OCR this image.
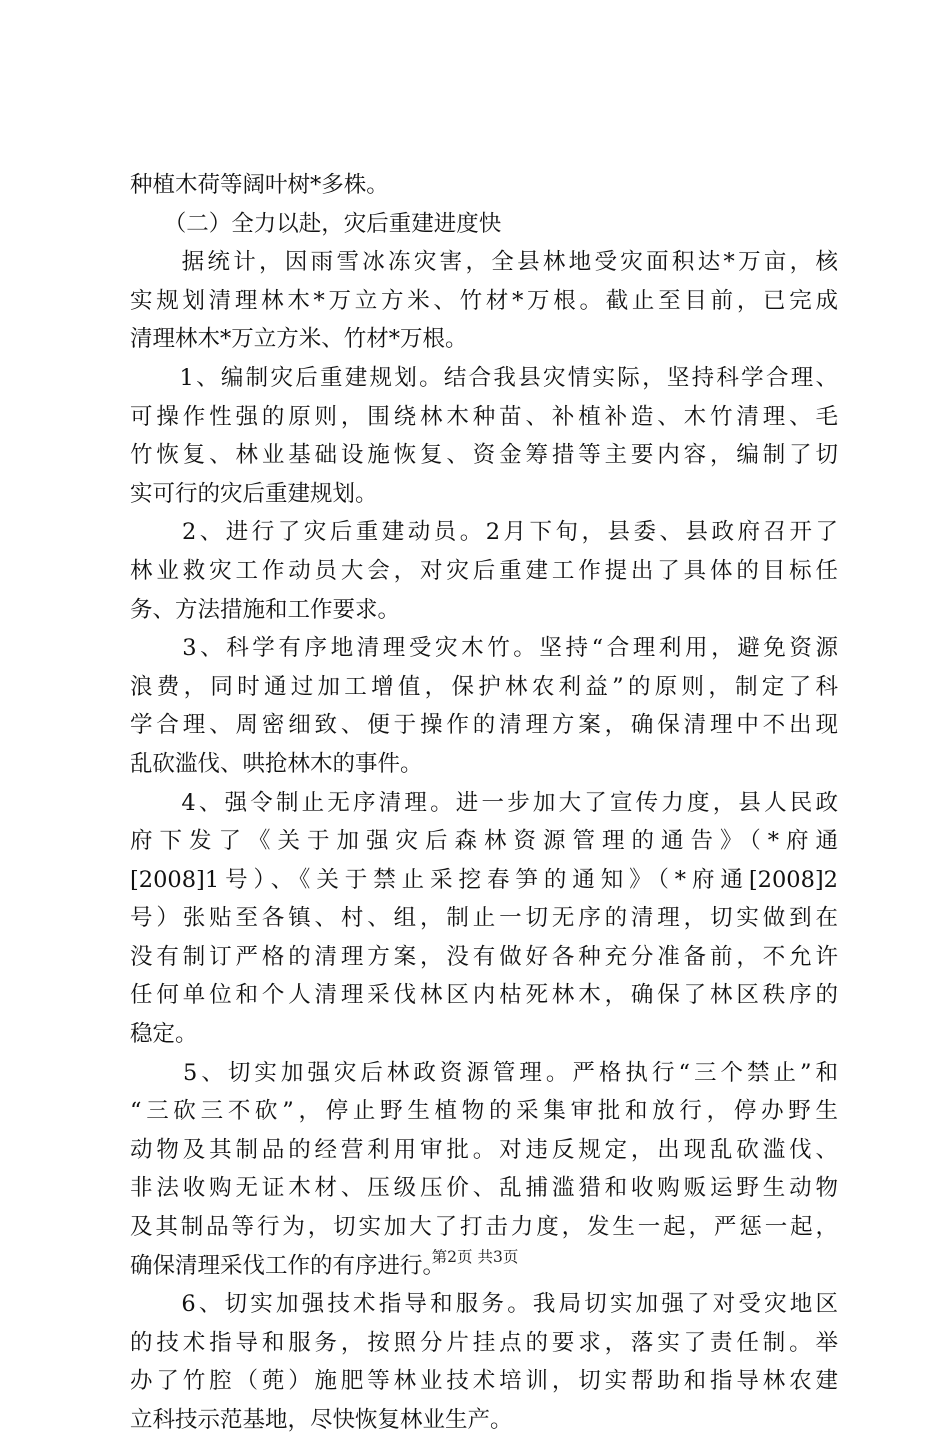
种植木荷等阔叶树*多株。
　　（二）全力以赴，灾后重建进度快
　　据统计，因雨雪冰冻灾害，全县林地受灾面积达*万亩，核
实规划清理林木*万立方米、竹材*万根。截止至目前，已完成
清理林木*万立方米、竹材*万根。
　　1、编制灾后重建规划。结合我县灾情实际，坚持科学合理、
可操作性强的原则，围绕林木种苗、补植补造、木竹清理、毛
竹恢复、林业基础设施恢复、资金筹措等主要内容，编制了切
实可行的灾后重建规划。
　　2、进行了灾后重建动员。2月下旬，县委、县政府召开了
林业救灾工作动员大会，对灾后重建工作提出了具体的目标任
务、方法措施和工作要求。
　　3、科学有序地清理受灾木竹。坚持“合理利用，避免资源
浪费，同时通过加工增值，保护林农利益”的原则，制定了科
学合理、周密细致、便于操作的清理方案，确保清理中不出现
乱砍滥伐、哄抢林木的事件。
　　4、强令制止无序清理。进一步加大了宣传力度，县人民政
府下发了《关于加强灾后森林资源管理的通告》（*府通
[2008]1号）、《关于禁止采挖春笋的通知》（*府通[2008]2
号）张贴至各镇、村、组，制止一切无序的清理，切实做到在
没有制订严格的清理方案，没有做好各种充分准备前，不允许
任何单位和个人清理采伐林区内枯死林木，确保了林区秩序的
稳定。
　　5、切实加强灾后林政资源管理。严格执行“三个禁止”和
“三砍三不砍”，停止野生植物的采集审批和放行，停办野生
动物及其制品的经营利用审批。对违反规定，出现乱砍滥伐、
非法收购无证木材、压级压价、乱捕滥猎和收购贩运野生动物
及其制品等行为，切实加大了打击力度，发生一起，严惩一起，
确保清理采伐工作的有序进行。
　　6、切实加强技术指导和服务。我局切实加强了对受灾地区
的技术指导和服务，按照分片挂点的要求，落实了责任制。举
办了竹腔（蔸）施肥等林业技术培训，切实帮助和指导林农建
立科技示范基地，尽快恢复林业生产。
第2页 共3页
